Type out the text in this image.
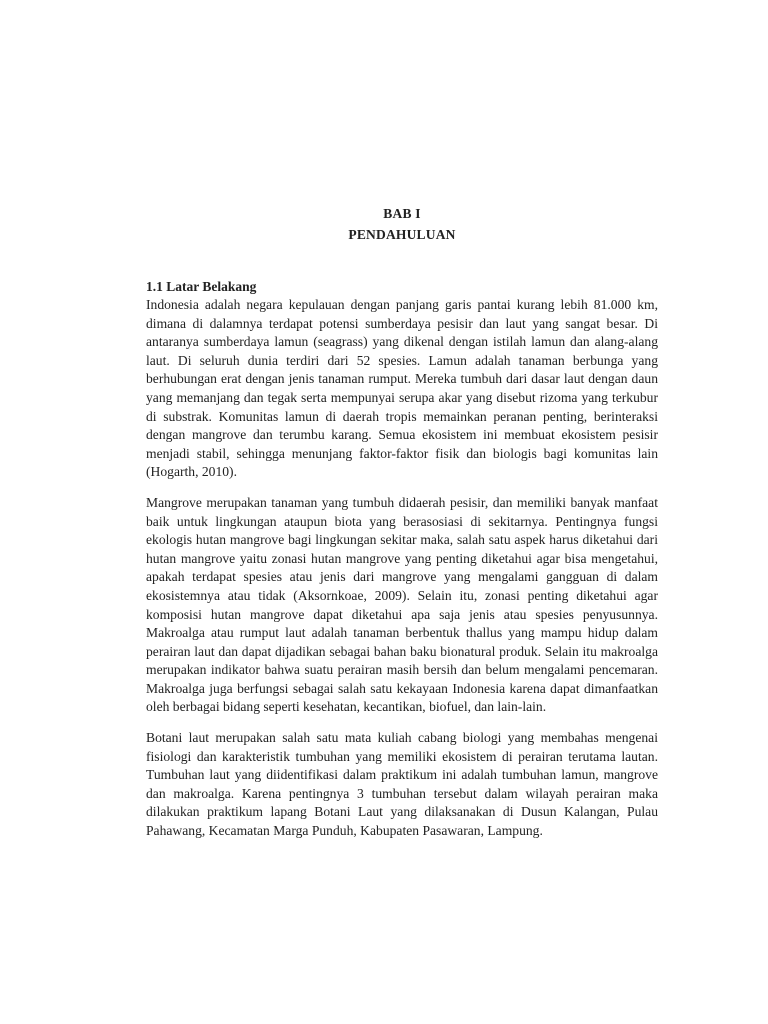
BAB I
PENDAHULUAN
1.1 Latar Belakang

Indonesia adalah negara kepulauan dengan panjang garis pantai kurang lebih 81.000 km, dimana di dalamnya terdapat potensi sumberdaya pesisir dan laut yang sangat besar. Di antaranya sumberdaya lamun (seagrass) yang dikenal dengan istilah lamun dan alang-alang laut. Di seluruh dunia terdiri dari 52 spesies. Lamun adalah tanaman berbunga yang berhubungan erat dengan jenis tanaman rumput. Mereka tumbuh dari dasar laut dengan daun yang memanjang dan tegak serta mempunyai serupa akar yang disebut rizoma yang terkubur di substrak. Komunitas lamun di daerah tropis memainkan peranan penting, berinteraksi dengan mangrove dan terumbu karang. Semua ekosistem ini membuat ekosistem pesisir menjadi stabil, sehingga menunjang faktor-faktor fisik dan biologis bagi komunitas lain (Hogarth, 2010).

Mangrove merupakan tanaman yang tumbuh didaerah pesisir, dan memiliki banyak manfaat baik untuk lingkungan ataupun biota yang berasosiasi di sekitarnya. Pentingnya fungsi ekologis hutan mangrove bagi lingkungan sekitar maka, salah satu aspek harus diketahui dari hutan mangrove yaitu zonasi hutan mangrove yang penting diketahui agar bisa mengetahui, apakah terdapat spesies atau jenis dari mangrove yang mengalami gangguan di dalam ekosistemnya atau tidak (Aksornkoae, 2009). Selain itu, zonasi penting diketahui agar komposisi hutan mangrove dapat diketahui apa saja jenis atau spesies penyusunnya. Makroalga atau rumput laut adalah tanaman berbentuk thallus yang mampu hidup dalam perairan laut dan dapat dijadikan sebagai bahan baku bionatural produk. Selain itu makroalga merupakan indikator bahwa suatu perairan masih bersih dan belum mengalami pencemaran. Makroalga juga berfungsi sebagai salah satu kekayaan Indonesia karena dapat dimanfaatkan oleh berbagai bidang seperti kesehatan, kecantikan, biofuel, dan lain-lain.

Botani laut merupakan salah satu mata kuliah cabang biologi yang membahas mengenai fisiologi dan karakteristik tumbuhan yang memiliki ekosistem di perairan terutama lautan. Tumbuhan laut yang diidentifikasi dalam praktikum ini adalah tumbuhan lamun, mangrove dan makroalga. Karena pentingnya 3 tumbuhan tersebut dalam wilayah perairan maka dilakukan praktikum lapang Botani Laut yang dilaksanakan di Dusun Kalangan, Pulau Pahawang, Kecamatan Marga Punduh, Kabupaten Pasawaran, Lampung.
